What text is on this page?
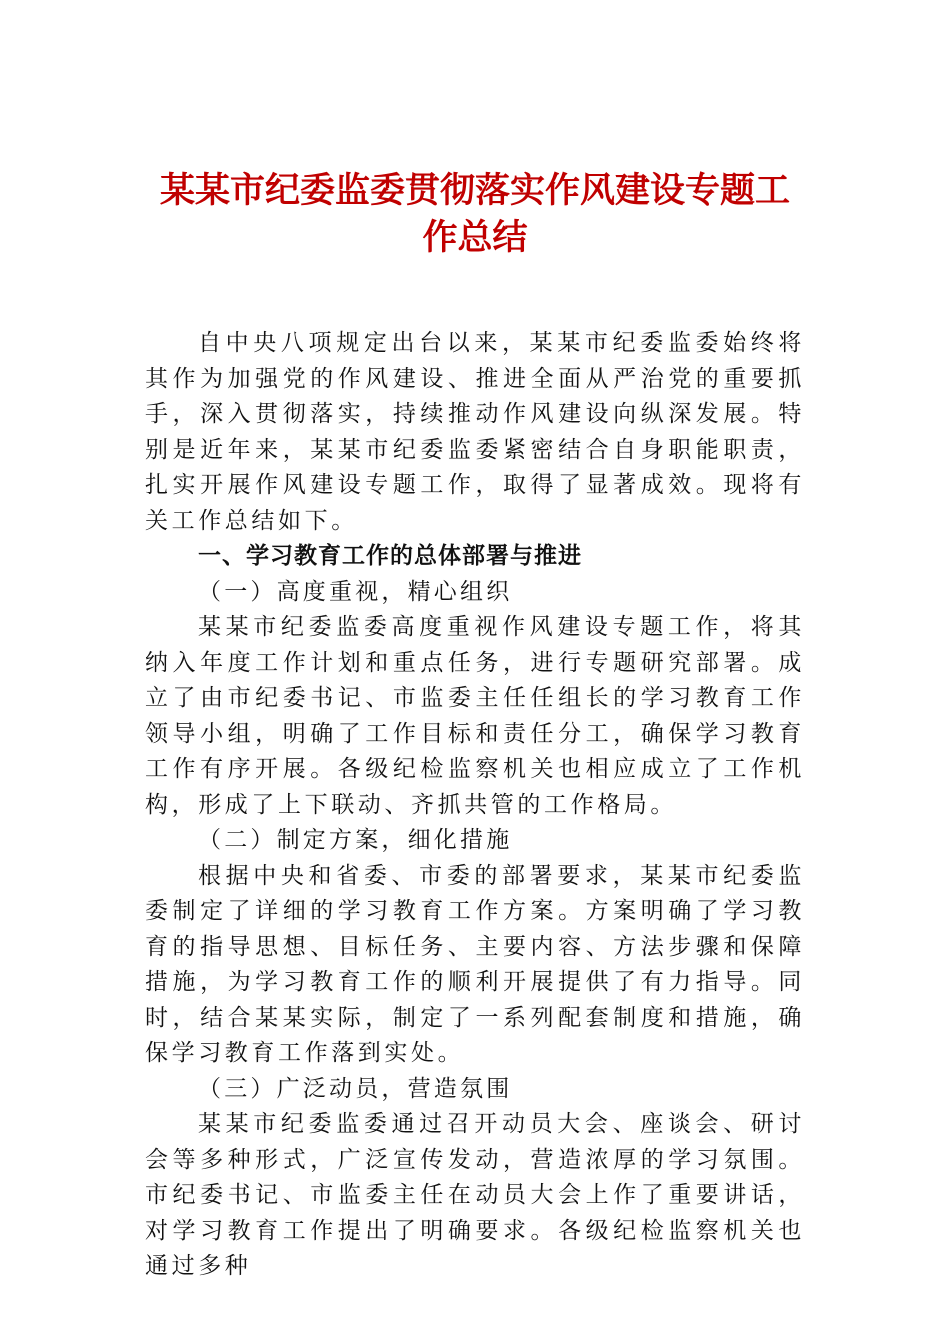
某某市纪委监委贯彻落实作风建设专题工
作总结

自中央八项规定出台以来，某某市纪委监委始终将其作为加强党的作风建设、推进全面从严治党的重要抓手，深入贯彻落实，持续推动作风建设向纵深发展。特别是近年来，某某市纪委监委紧密结合自身职能职责，扎实开展作风建设专题工作，取得了显著成效。现将有关工作总结如下。

一、学习教育工作的总体部署与推进

（一）高度重视，精心组织

某某市纪委监委高度重视作风建设专题工作，将其纳入年度工作计划和重点任务，进行专题研究部署。成立了由市纪委书记、市监委主任任组长的学习教育工作领导小组，明确了工作目标和责任分工，确保学习教育工作有序开展。各级纪检监察机关也相应成立了工作机构，形成了上下联动、齐抓共管的工作格局。

（二）制定方案，细化措施

根据中央和省委、市委的部署要求，某某市纪委监委制定了详细的学习教育工作方案。方案明确了学习教育的指导思想、目标任务、主要内容、方法步骤和保障措施，为学习教育工作的顺利开展提供了有力指导。同时，结合某某实际，制定了一系列配套制度和措施，确保学习教育工作落到实处。

（三）广泛动员，营造氛围

某某市纪委监委通过召开动员大会、座谈会、研讨会等多种形式，广泛宣传发动，营造浓厚的学习氛围。市纪委书记、市监委主任在动员大会上作了重要讲话，对学习教育工作提出了明确要求。各级纪检监察机关也通过多种
